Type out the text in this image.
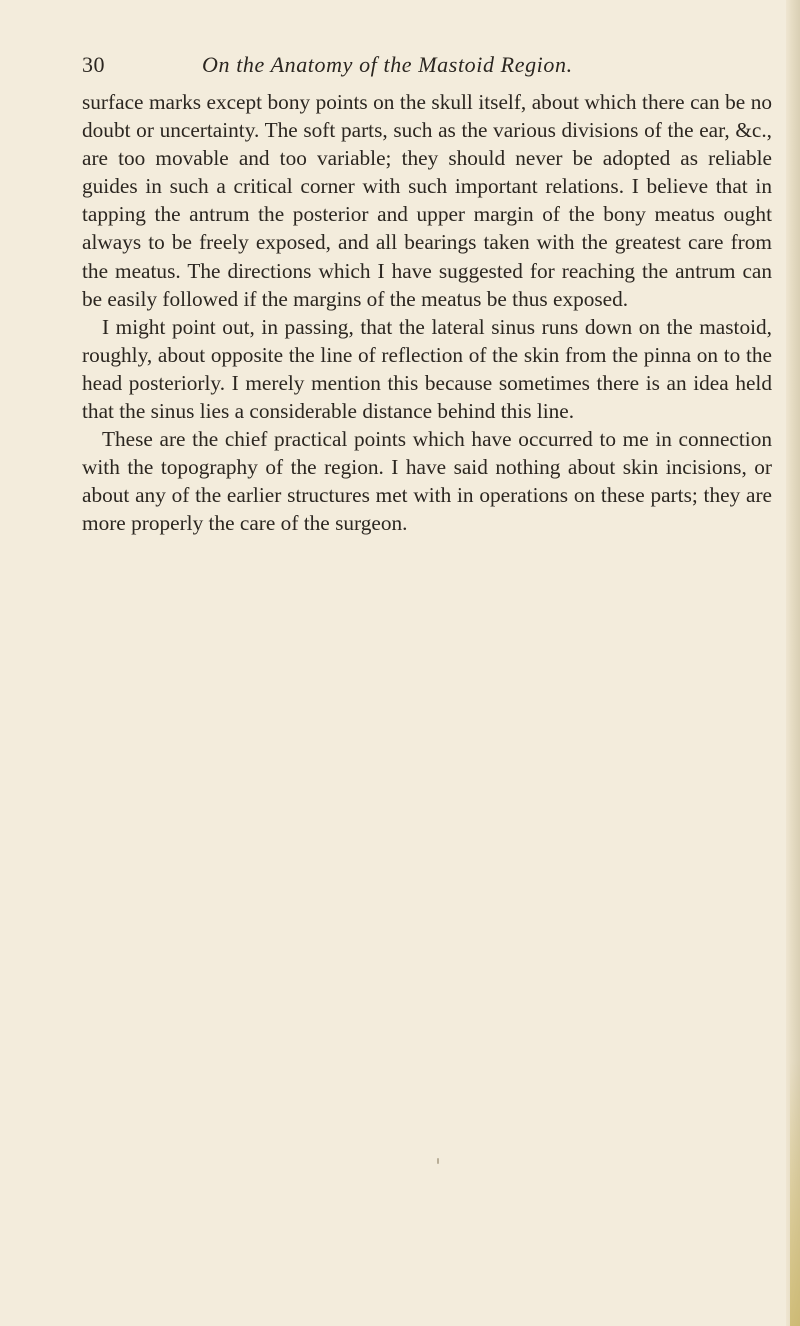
30	On the Anatomy of the Mastoid Region.

surface marks except bony points on the skull itself, about which there can be no doubt or uncertainty. The soft parts, such as the various divisions of the ear, &c., are too movable and too variable; they should never be adopted as reliable guides in such a critical corner with such important relations. I believe that in tapping the antrum the posterior and upper margin of the bony meatus ought always to be freely exposed, and all bearings taken with the greatest care from the meatus. The directions which I have suggested for reaching the antrum can be easily followed if the margins of the meatus be thus exposed.

I might point out, in passing, that the lateral sinus runs down on the mastoid, roughly, about opposite the line of reflection of the skin from the pinna on to the head posteriorly. I merely mention this because sometimes there is an idea held that the sinus lies a considerable distance behind this line.

These are the chief practical points which have occurred to me in connection with the topography of the region. I have said nothing about skin incisions, or about any of the earlier structures met with in operations on these parts; they are more properly the care of the surgeon.
